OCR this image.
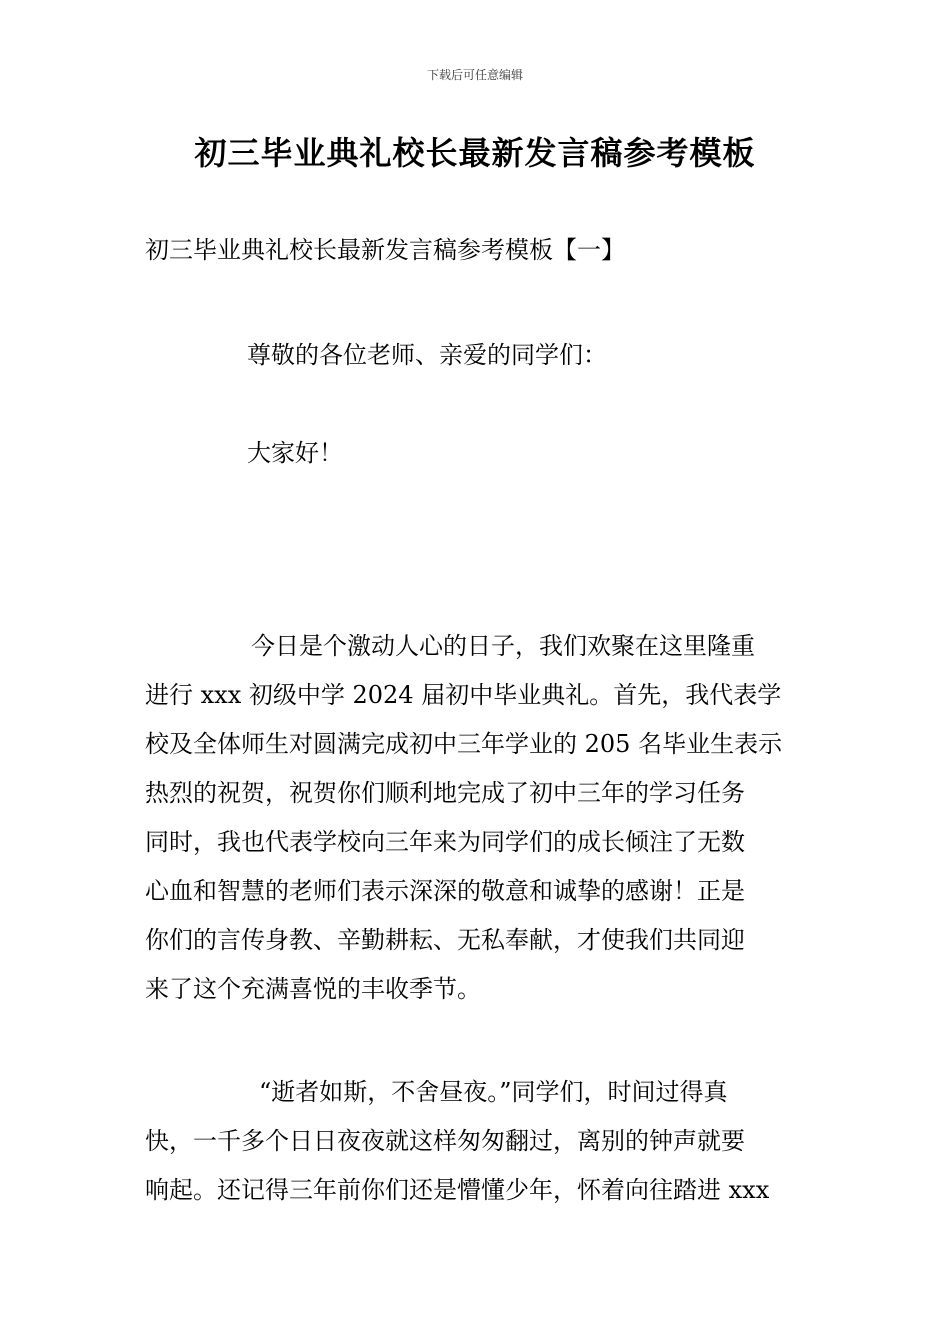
下载后可任意编辑
初三毕业典礼校长最新发言稿参考模板
初三毕业典礼校长最新发言稿参考模板【一】

尊敬的各位老师、亲爱的同学们：

大家好！

今日是个激动人心的日子，我们欢聚在这里隆重
进行 xxx 初级中学 2024 届初中毕业典礼。首先，我代表学
校及全体师生对圆满完成初中三年学业的 205 名毕业生表示
热烈的祝贺，祝贺你们顺利地完成了初中三年的学习任务
同时，我也代表学校向三年来为同学们的成长倾注了无数
心血和智慧的老师们表示深深的敬意和诚挚的感谢！正是
你们的言传身教、辛勤耕耘、无私奉献，才使我们共同迎
来了这个充满喜悦的丰收季节。
“逝者如斯，不舍昼夜。”同学们，时间过得真
快，一千多个日日夜夜就这样匆匆翻过，离别的钟声就要
响起。还记得三年前你们还是懵懂少年，怀着向往踏进 xxx
